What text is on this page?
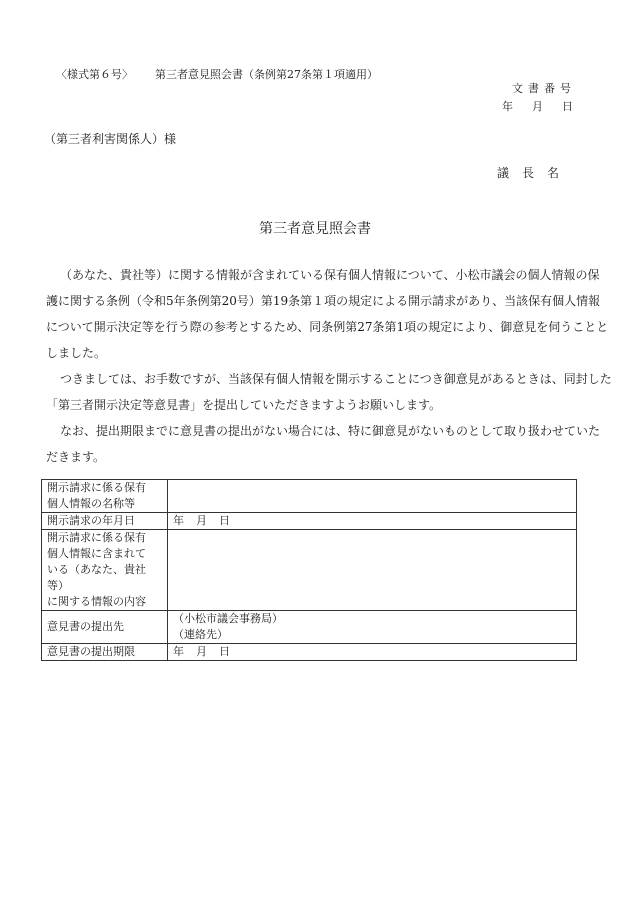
〈様式第６号〉 第三者意見照会書（条例第27条第１項適用）
文書番号
年 月 日
（第三者利害関係人）様
議長名
第三者意見照会書

（あなた、貴社等）に関する情報が含まれている保有個人情報について、小松市議会の個人情報の保

護に関する条例（令和5年条例第20号）第19条第１項の規定による開示請求があり、当該保有個人情報

について開示決定等を行う際の参考とするため、同条例第27条第1項の規定により、御意見を伺うことと

しました。

つきましては、お手数ですが、当該保有個人情報を開示することにつき御意見があるときは、同封した

「第三者開示決定等意見書」を提出していただきますようお願いします。

なお、提出期限までに意見書の提出がない場合には、特に御意見がないものとして取り扱わせていた

だきます。

開示請求に係る保有
個人情報の名称等	

開示請求の年月日	年 月 日

開示請求に係る保有
個人情報に含まれて
いる（あなた、貴社等）
に関する情報の内容	

意見書の提出先	（小松市議会事務局）
（連絡先）

意見書の提出期限	年 月 日
